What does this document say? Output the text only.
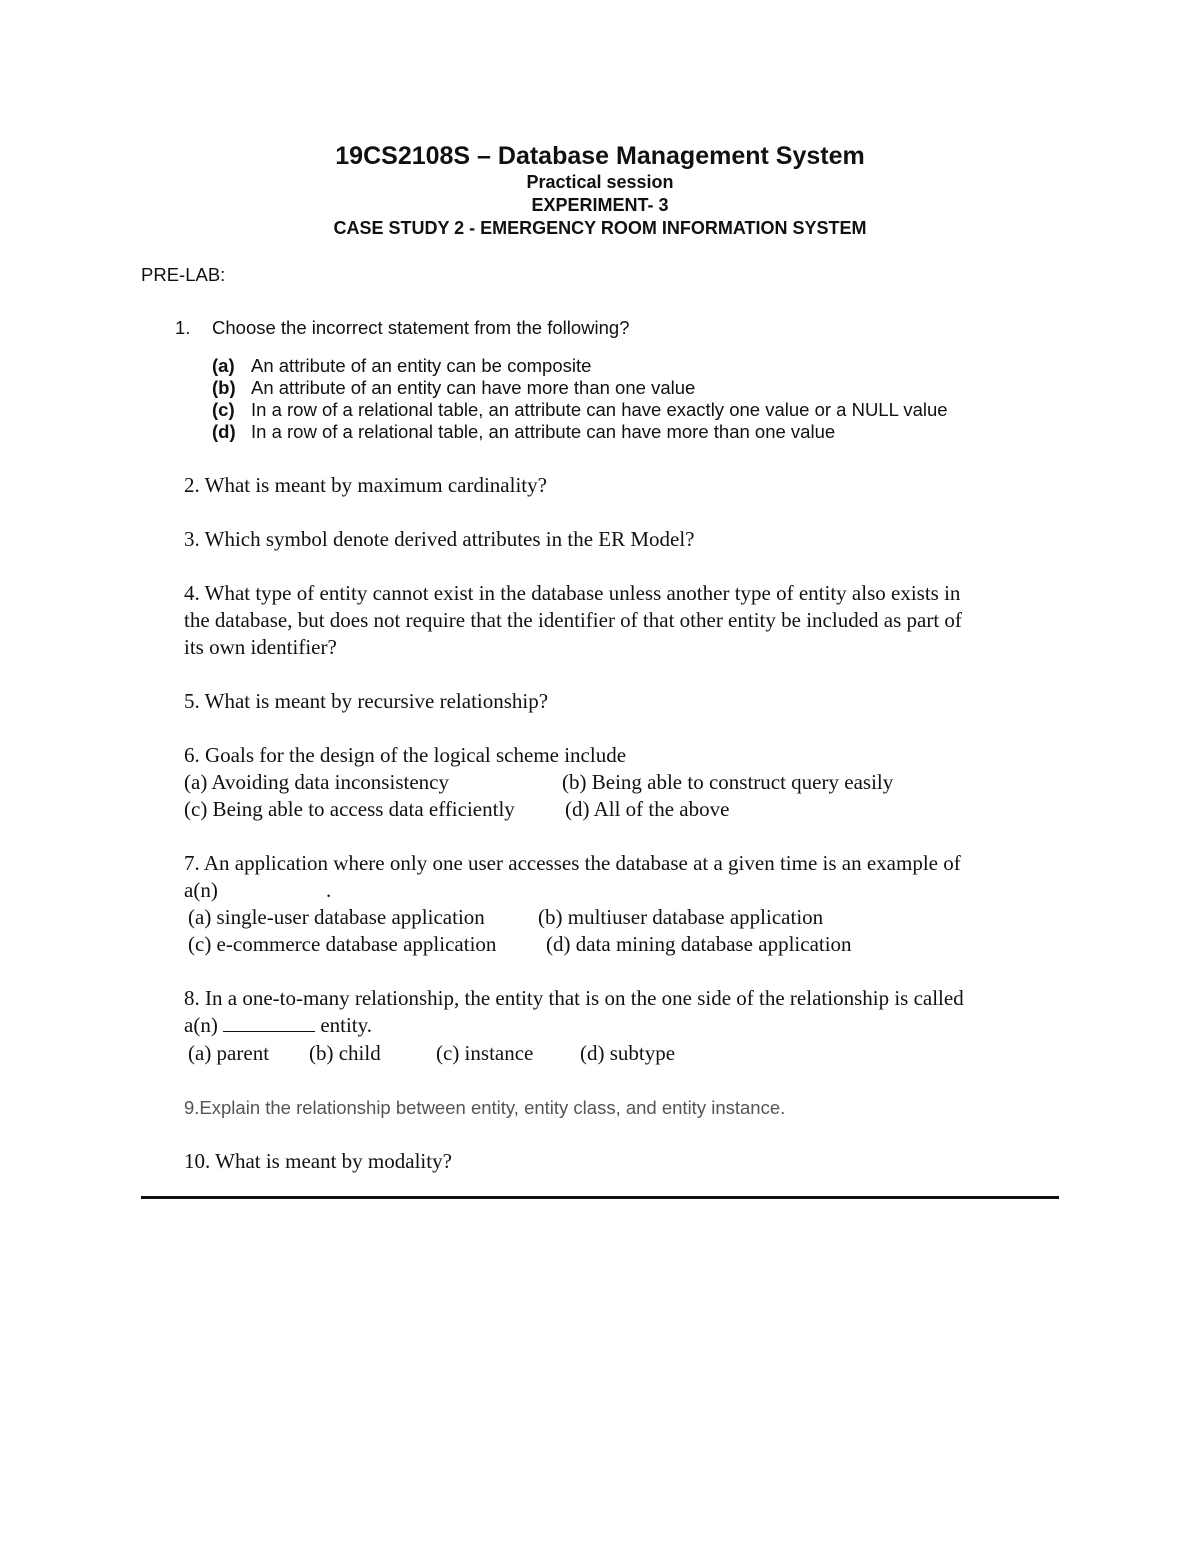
19CS2108S – Database Management System
Practical session
EXPERIMENT- 3
CASE STUDY 2 - EMERGENCY ROOM INFORMATION SYSTEM
PRE-LAB:
1. Choose the incorrect statement from the following?
(a) An attribute of an entity can be composite
(b) An attribute of an entity can have more than one value
(c) In a row of a relational table, an attribute can have exactly one value or a NULL value
(d) In a row of a relational table, an attribute can have more than one value
2. What is meant by maximum cardinality?
3. Which symbol denote derived attributes in the ER Model?
4. What type of entity cannot exist in the database unless another type of entity also exists in
the database, but does not require that the identifier of that other entity be included as part of
its own identifier?
5. What is meant by recursive relationship?
6. Goals for the design of the logical scheme include
(a) Avoiding data inconsistency	(b) Being able to construct query easily
(c) Being able to access data efficiently (d) All of the above
7. An application where only one user accesses the database at a given time is an example of
a(n)	.
(a) single-user database application	(b) multiuser database application
(c) e-commerce database application (d) data mining database application
8. In a one-to-many relationship, the entity that is on the one side of the relationship is called
a(n)	entity.
(a) parent (b) child	(c) instance (d) subtype
9.Explain the relationship between entity, entity class, and entity instance.
10. What is meant by modality?
